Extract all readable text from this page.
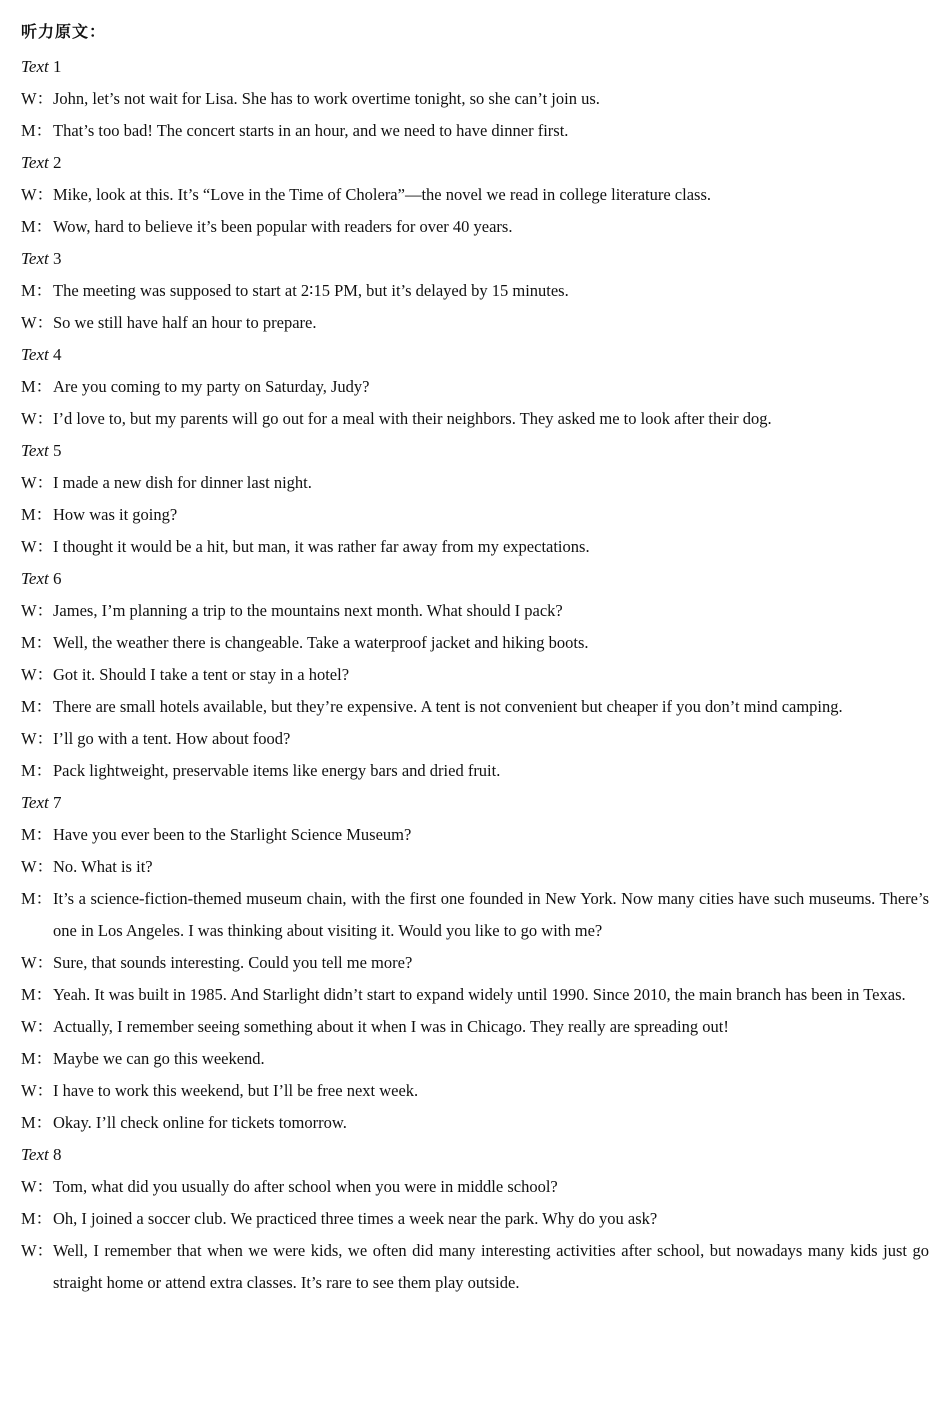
听力原文：
Text 1
W：John, let’s not wait for Lisa. She has to work overtime tonight, so she can’t join us.
M：That’s too bad! The concert starts in an hour, and we need to have dinner first.
Text 2
W：Mike, look at this. It’s “Love in the Time of Cholera”—the novel we read in college literature class.
M：Wow, hard to believe it’s been popular with readers for over 40 years.
Text 3
M：The meeting was supposed to start at 2∶15 PM, but it’s delayed by 15 minutes.
W：So we still have half an hour to prepare.
Text 4
M：Are you coming to my party on Saturday, Judy?
W：I’d love to, but my parents will go out for a meal with their neighbors. They asked me to look after their dog.
Text 5
W：I made a new dish for dinner last night.
M：How was it going?
W：I thought it would be a hit, but man, it was rather far away from my expectations.
Text 6
W：James, I’m planning a trip to the mountains next month. What should I pack?
M：Well, the weather there is changeable. Take a waterproof jacket and hiking boots.
W：Got it. Should I take a tent or stay in a hotel?
M：There are small hotels available, but they’re expensive. A tent is not convenient but cheaper if you don’t mind camping.
W：I’ll go with a tent. How about food?
M：Pack lightweight, preservable items like energy bars and dried fruit.
Text 7
M：Have you ever been to the Starlight Science Museum?
W：No. What is it?
M：It’s a science-fiction-themed museum chain, with the first one founded in New York. Now many cities have such museums. There’s one in Los Angeles. I was thinking about visiting it. Would you like to go with me?
W：Sure, that sounds interesting. Could you tell me more?
M：Yeah. It was built in 1985. And Starlight didn’t start to expand widely until 1990. Since 2010, the main branch has been in Texas.
W：Actually, I remember seeing something about it when I was in Chicago. They really are spreading out!
M：Maybe we can go this weekend.
W：I have to work this weekend, but I’ll be free next week.
M：Okay. I’ll check online for tickets tomorrow.
Text 8
W：Tom, what did you usually do after school when you were in middle school?
M：Oh, I joined a soccer club. We practiced three times a week near the park. Why do you ask?
W：Well, I remember that when we were kids, we often did many interesting activities after school, but nowadays many kids just go straight home or attend extra classes. It’s rare to see them play outside.
